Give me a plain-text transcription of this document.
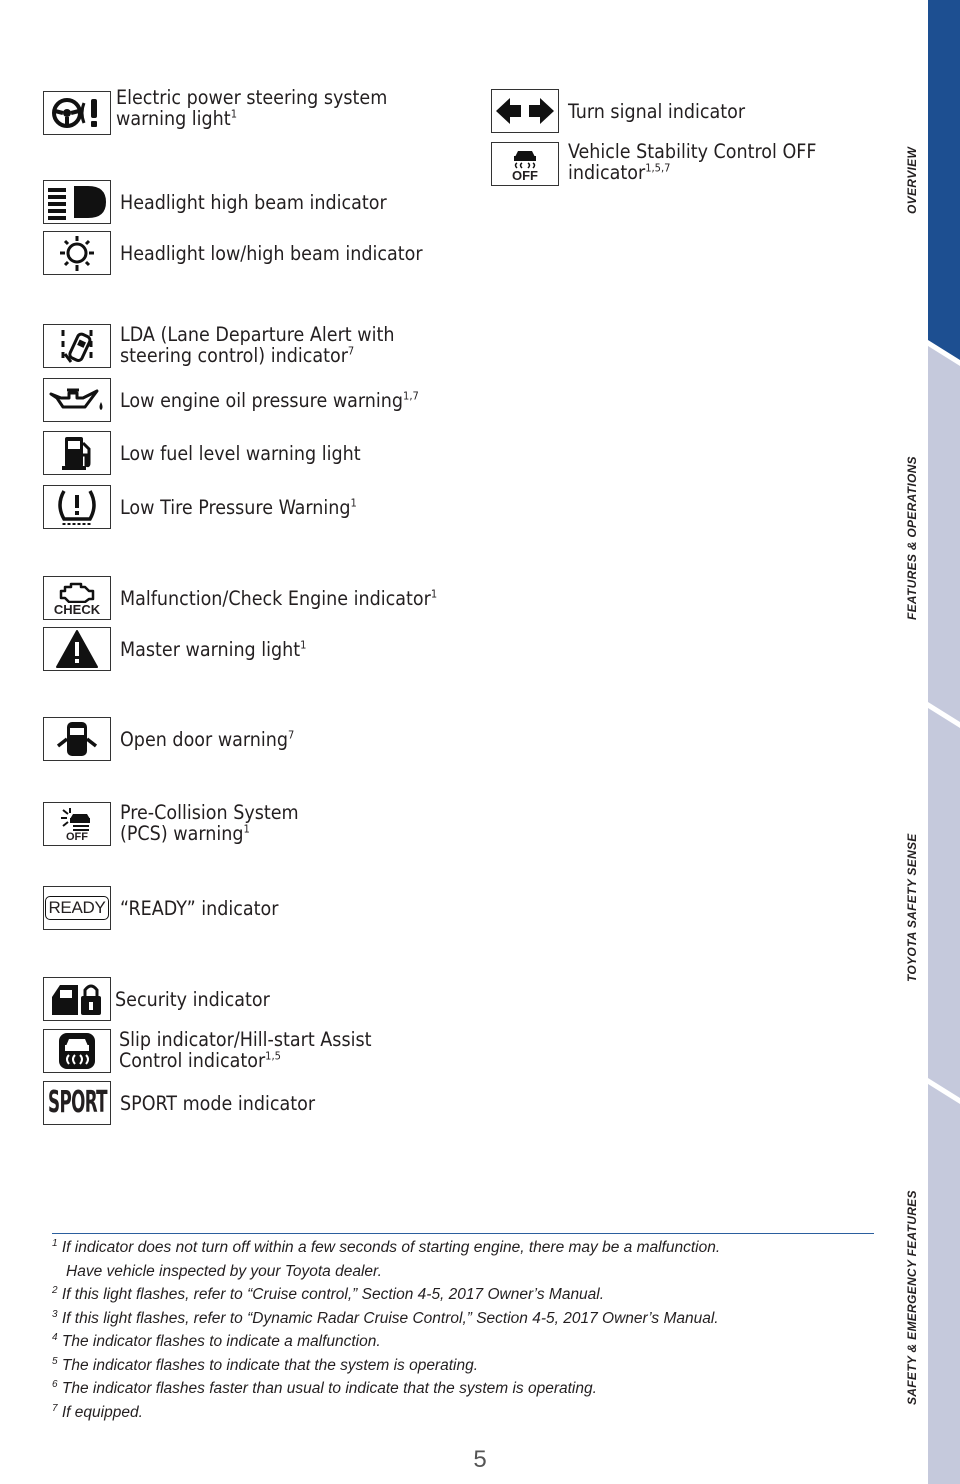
OVERVIEW
FEATURES & OPERATIONS
TOYOTA SAFETY SENSE
SAFETY & EMERGENCY FEATURES
Electric power steering system
warning light$^1$	Turn signal indicator
OFF
Vehicle Stability Control OFF
indicator$^{1,5,7}$
Headlight high beam indicator
Headlight low/high beam indicator
LDA (Lane Departure Alert with
steering control) indicator$^7$
Low engine oil pressure warning$^{1,7}$
Low fuel level warning light
Low Tire Pressure Warning$^1$
CHECK Malfunction/Check Engine indicator$^1$
Master warning light$^1$
Open door warning$^7$
OFF
Pre-Collision System
(PCS) warning$^1$
READY “READY” indicator
Security indicator
Slip indicator/Hill-start Assist
Control indicator$^{1,5}$
SPORT SPORT mode indicator

$^1$ If indicator does not turn off within a few seconds of starting engine, there may be a malfunction.
Have vehicle inspected by your Toyota dealer.

$^2$ If this light flashes, refer to “Cruise control,” Section 4-5, 2017 Owner’s Manual.

$^3$ If this light flashes, refer to “Dynamic Radar Cruise Control,” Section 4-5, 2017 Owner’s Manual.

$^4$ The indicator flashes to indicate a malfunction.

$^5$ The indicator flashes to indicate that the system is operating.

$^6$ The indicator flashes faster than usual to indicate that the system is operating.

$^7$ If equipped.

5
